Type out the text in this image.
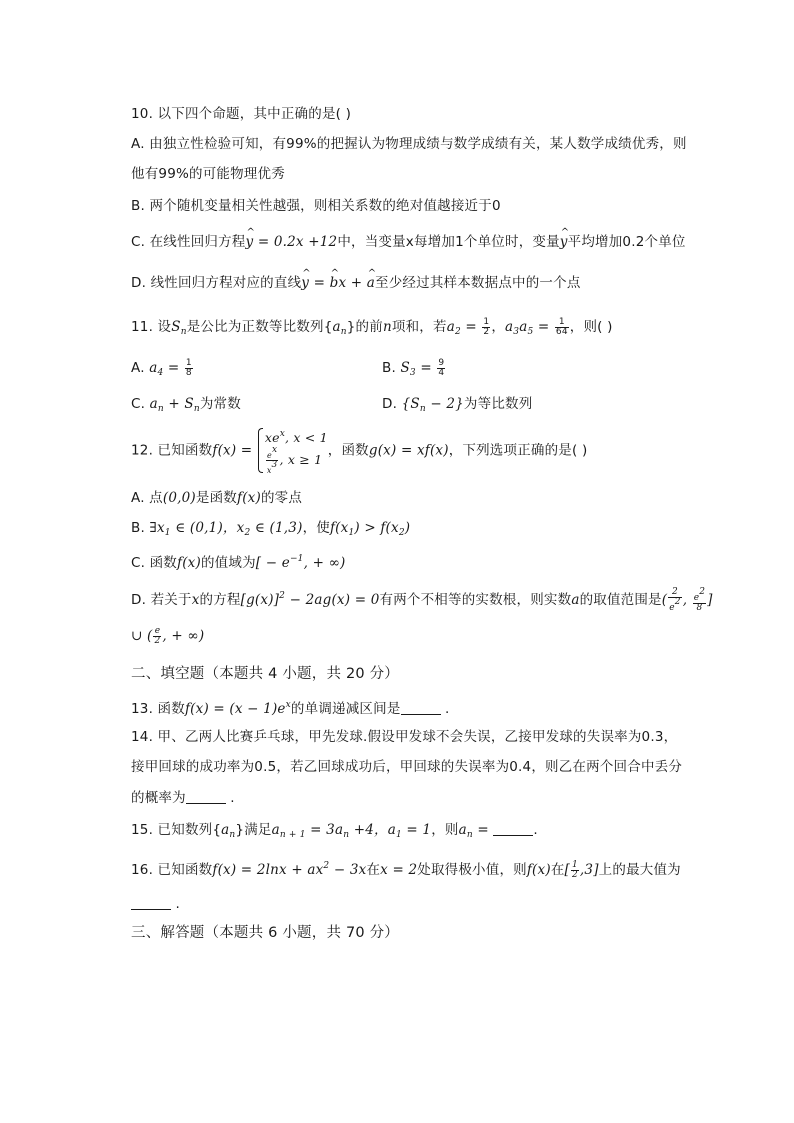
10. 以下四个命题，其中正确的是( )
A. 由独立性检验可知，有99%的把握认为物理成绩与数学成绩有关，某人数学成绩优秀，则
他有99%的可能物理优秀
B. 两个随机变量相关性越强，则相关系数的绝对值越接近于0
C. 在线性回归方程^ y = 0.2x +12中，当变量x每增加1个单位时，变量^ y平均增加0.2个单位
D. 线性回归方程对应的直线^ y = ^ bx + ^ a至少经过其样本数据点中的一个点
11. 设$S_n$是公比为正数等比数列$\{a_n\}$的前n项和，若$a_2 = \frac{1}{2}$ ，$a_3a_5 = \frac{1}{64}$ ，则( )
A. $a_4 = \frac{1}{8}$	B. $S_3 = \frac{9}{4}$
C. $a_n + S_n$为常数	D. $\{S_n - 2\}$为等比数列
12. 已知函数f(x) =
$xe^x$, x < 1
$\frac{ex}{x3}$ , x ≥ 1
，函数g(x) = xf(x)，下列选项正确的是( )
A. 点(0,0)是函数f(x)的零点
B. $\exists x_1$ ∈ (0,1)，$x_2$ ∈ (1,3)，使$f(x_1) > f(x_2)$
C. 函数f(x)的值域为[ − $e^{-1}$, + ∞)
D. 若关于x的方程$[g(x)]^2 - 2ag(x) = 0$有两个不相等的实数根，则实数a的取值范围是( $\frac{2}{e2}$ , $\frac{e2}{8}$ ]
∪ ( $\frac{e}{2}$ , + ∞)
二、填空题（本题共 4 小题，共 20 分）
13. 函数$f(x) = (x - 1)e^x$的单调递减区间是	.
14. 甲、乙两人比赛乒乓球，甲先发球.假设甲发球不会失误，乙接甲发球的失误率为0.3，
接甲回球的成功率为0.5，若乙回球成功后，甲回球的失误率为0.4，则乙在两个回合中丢分
的概率为	.
15. 已知数列$\{a_n\}$满足$a_{n + 1} = 3a_n +4$，$a_1 = 1$，则$a_n$ =	.
16. 已知函数$f(x) = 2\ln x + ax^2 - 3x$在x = 2处取得极小值，则f(x)在[ $\frac{1}{2} ,3$]上的最大值为
.
三、解答题（本题共 6 小题，共 70 分）
